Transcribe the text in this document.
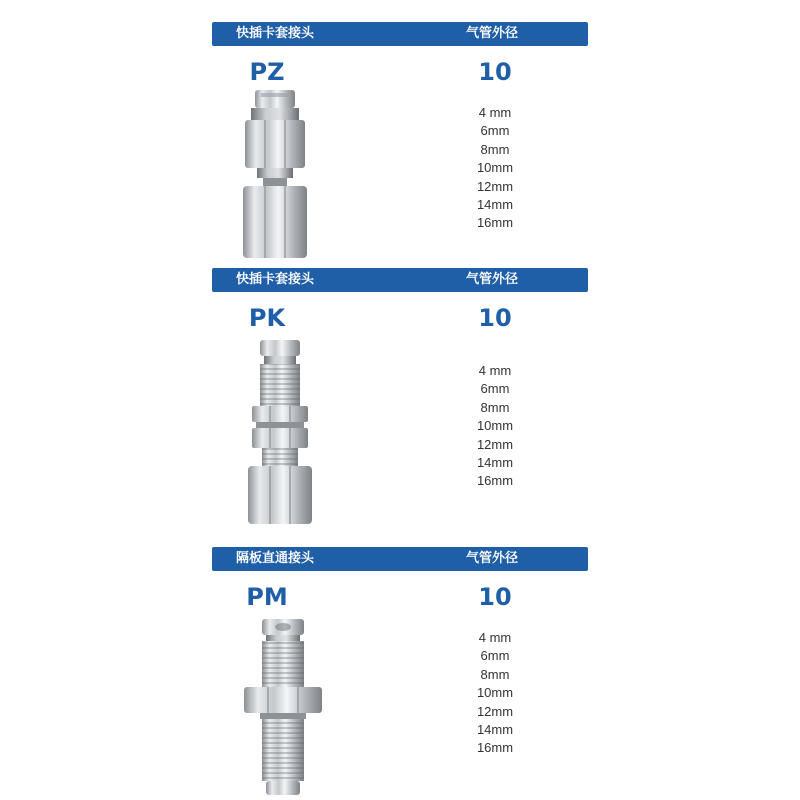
快插卡套接头	气管外径
PZ	10
4 mm
6mm
8mm
10mm
12mm
14mm
16mm
快插卡套接头	气管外径
PK	10
4 mm
6mm
8mm
10mm
12mm
14mm
16mm
隔板直通接头	气管外径
PM	10
4 mm
6mm
8mm
10mm
12mm
14mm
16mm
